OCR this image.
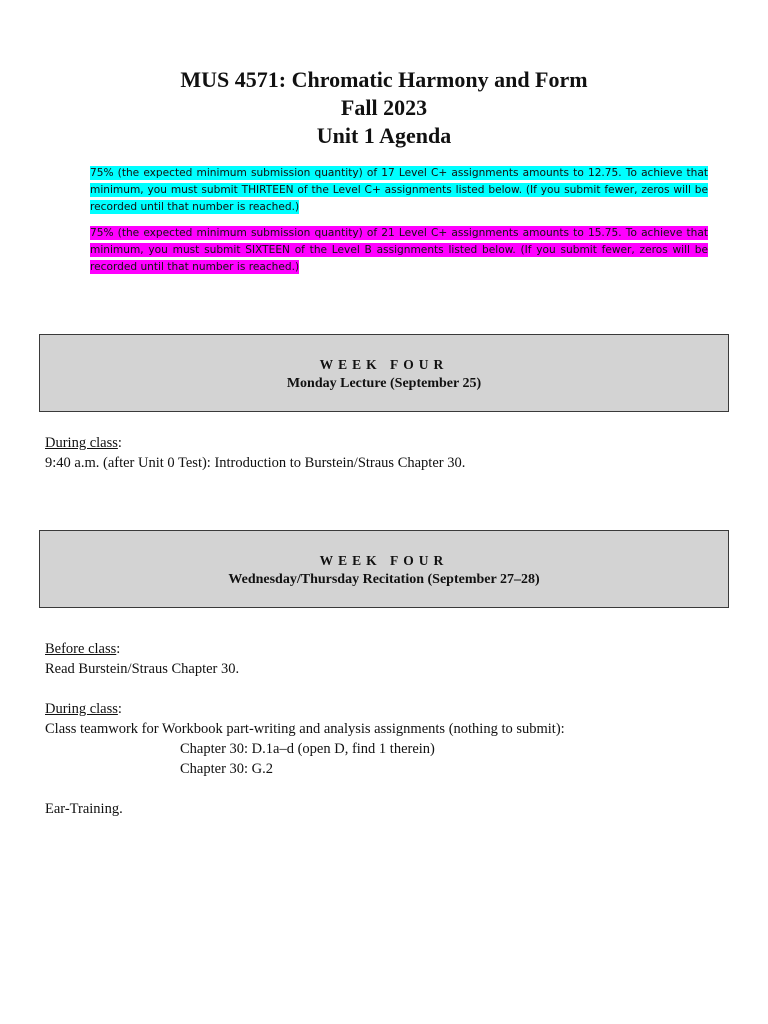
MUS 4571: Chromatic Harmony and Form
Fall 2023
Unit 1 Agenda

75% (the expected minimum submission quantity) of 17 Level C+ assignments amounts to 12.75. To achieve that minimum, you must submit THIRTEEN of the Level C+ assignments listed below. (If you submit fewer, zeros will be recorded until that number is reached.)

75% (the expected minimum submission quantity) of 21 Level C+ assignments amounts to 15.75. To achieve that minimum, you must submit SIXTEEN of the Level B assignments listed below. (If you submit fewer, zeros will be recorded until that number is reached.)

WEEK FOUR
Monday Lecture (September 25)
During class:
9:40 a.m. (after Unit 0 Test): Introduction to Burstein/Straus Chapter 30.
WEEK FOUR
Wednesday/Thursday Recitation (September 27–28)
Before class:
Read Burstein/Straus Chapter 30.
During class:
Class teamwork for Workbook part-writing and analysis assignments (nothing to submit):
Chapter 30: D.1a–d (open D, find 1 therein)
Chapter 30: G.2
Ear-Training.
